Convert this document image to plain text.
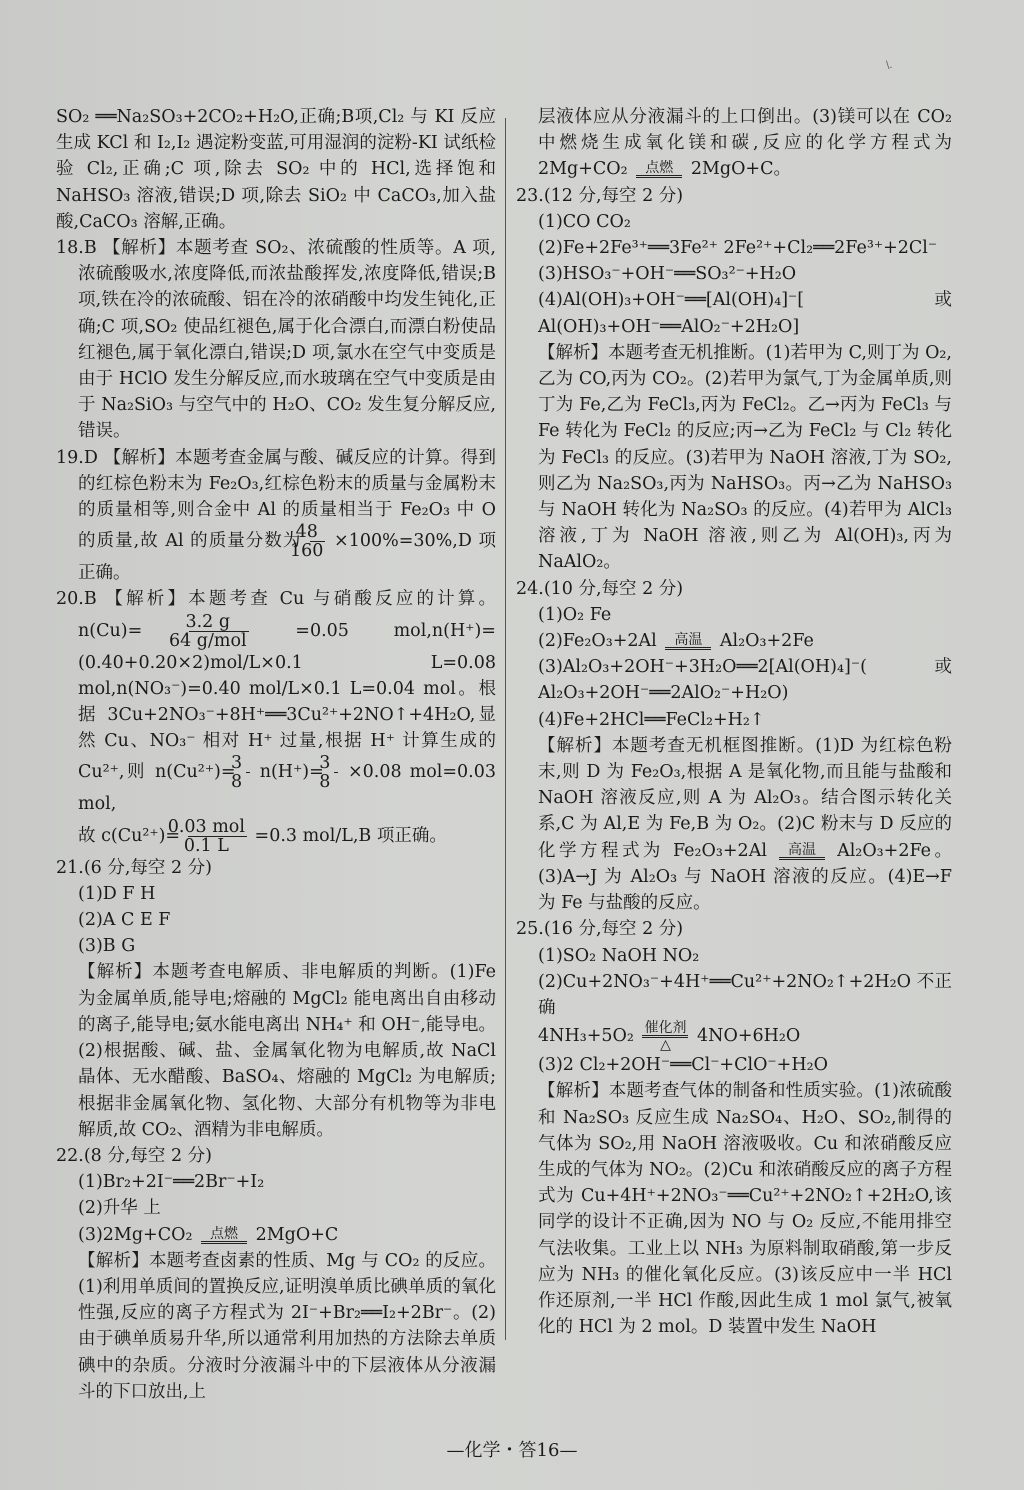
\.

SO₂ ══Na₂SO₃+2CO₂+H₂O,正确;B项,Cl₂ 与 KI 反应生成 KCl 和 I₂,I₂ 遇淀粉变蓝,可用湿润的淀粉-KI 试纸检验 Cl₂,正确;C 项,除去 SO₂ 中的 HCl,选择饱和 NaHSO₃ 溶液,错误;D 项,除去 SiO₂ 中 CaCO₃,加入盐酸,CaCO₃ 溶解,正确。

18.B 【解析】本题考查 SO₂、浓硫酸的性质等。A 项,浓硫酸吸水,浓度降低,而浓盐酸挥发,浓度降低,错误;B 项,铁在冷的浓硫酸、铝在冷的浓硝酸中均发生钝化,正确;C 项,SO₂ 使品红褪色,属于化合漂白,而漂白粉使品红褪色,属于氧化漂白,错误;D 项,氯水在空气中变质是由于 HClO 发生分解反应,而水玻璃在空气中变质是由于 Na₂SiO₃ 与空气中的 H₂O、CO₂ 发生复分解反应,错误。

19.D 【解析】本题考查金属与酸、碱反应的计算。得到的红棕色粉末为 Fe₂O₃,红棕色粉末的质量与金属粉末的质量相等,则合金中 Al 的质量相当于 Fe₂O₃ 中 O 的质量,故 Al 的质量分数为 $\frac{48}{160} \times 100\%=30\%,D$ 项正确。

20.B 【解析】本题考查 Cu 与硝酸反应的计算。n(Cu)=	$\frac{3.2 g}{\text{64 g/mol}}$	=0.05 mol,n(H⁺)=(0.40+0.20×2)mol/L×0.1 L=0.08 mol,n(NO₃⁻)=0.40 mol/L×0.1 L=0.04 mol。根据 3Cu+2NO₃⁻+8H⁺══3Cu²⁺+2NO↑+4H₂O,显然 Cu、NO₃⁻ 相对 H⁺ 过量,根据 H⁺ 计算生成的 Cu²⁺,则 $n(Cu^{2+})= \frac{3}{8} n(H^+)= \frac{3}{8} \times 0.08$ mol=0.03 mol,
故 $c(Cu^{2+})= \frac{\text{0.03 mol}}{0.1 L} =0.3$ mol/L,B 项正确。

21.(6 分,每空 2 分)

(1)D F H

(2)A C E F

(3)B G

【解析】本题考查电解质、非电解质的判断。(1)Fe 为金属单质,能导电;熔融的 MgCl₂ 能电离出自由移动的离子,能导电;氨水能电离出 NH₄⁺ 和 OH⁻,能导电。(2)根据酸、碱、盐、金属氧化物为电解质,故 NaCl 晶体、无水醋酸、BaSO₄、熔融的 MgCl₂ 为电解质;根据非金属氧化物、氢化物、大部分有机物等为非电解质,故 CO₂、酒精为非电解质。

22.(8 分,每空 2 分)

(1)Br₂+2I⁻══2Br⁻+I₂

(2)升华 上

(3)2Mg+CO₂	点燃	2MgO+C

【解析】本题考查卤素的性质、Mg 与 CO₂ 的反应。(1)利用单质间的置换反应,证明溴单质比碘单质的氧化性强,反应的离子方程式为 2I⁻+Br₂══I₂+2Br⁻。(2)由于碘单质易升华,所以通常利用加热的方法除去单质碘中的杂质。分液时分液漏斗中的下层液体从分液漏斗的下口放出,上

层液体应从分液漏斗的上口倒出。(3)镁可以在 CO₂ 中燃烧生成氧化镁和碳,反应的化学方程式为 2Mg+CO₂	点燃	2MgO+C。

23.(12 分,每空 2 分)

(1)CO CO₂

(2)Fe+2Fe³⁺══3Fe²⁺ 2Fe²⁺+Cl₂══2Fe³⁺+2Cl⁻

(3)HSO₃⁻+OH⁻══SO₃²⁻+H₂O

(4)Al(OH)₃+OH⁻══[Al(OH)₄]⁻[或 Al(OH)₃+OH⁻══AlO₂⁻+2H₂O]

【解析】本题考查无机推断。(1)若甲为 C,则丁为 O₂,乙为 CO,丙为 CO₂。(2)若甲为氯气,丁为金属单质,则丁为 Fe,乙为 FeCl₃,丙为 FeCl₂。乙→丙为 FeCl₃ 与 Fe 转化为 FeCl₂ 的反应;丙→乙为 FeCl₂ 与 Cl₂ 转化为 FeCl₃ 的反应。(3)若甲为 NaOH 溶液,丁为 SO₂,则乙为 Na₂SO₃,丙为 NaHSO₃。丙→乙为 NaHSO₃ 与 NaOH 转化为 Na₂SO₃ 的反应。(4)若甲为 AlCl₃ 溶液,丁为 NaOH 溶液,则乙为 Al(OH)₃,丙为 NaAlO₂。

24.(10 分,每空 2 分)

(1)O₂ Fe

(2)Fe₂O₃+2Al	高温	Al₂O₃+2Fe

(3)Al₂O₃+2OH⁻+3H₂O══2[Al(OH)₄]⁻(或 Al₂O₃+2OH⁻══2AlO₂⁻+H₂O)

(4)Fe+2HCl══FeCl₂+H₂↑

【解析】本题考查无机框图推断。(1)D 为红棕色粉末,则 D 为 Fe₂O₃,根据 A 是氧化物,而且能与盐酸和 NaOH 溶液反应,则 A 为 Al₂O₃。结合图示转化关系,C 为 Al,E 为 Fe,B 为 O₂。(2)C 粉末与 D 反应的化学方程式为 Fe₂O₃+2Al	高温	Al₂O₃+2Fe。(3)A→J 为 Al₂O₃ 与 NaOH 溶液的反应。(4)E→F 为 Fe 与盐酸的反应。

25.(16 分,每空 2 分)

(1)SO₂ NaOH NO₂

(2)Cu+2NO₃⁻+4H⁺══Cu²⁺+2NO₂↑+2H₂O 不正确

4NH₃+5O₂ 催化剂
△	4NO+6H₂O

(3)2 Cl₂+2OH⁻══Cl⁻+ClO⁻+H₂O

【解析】本题考查气体的制备和性质实验。(1)浓硫酸和 Na₂SO₃ 反应生成 Na₂SO₄、H₂O、SO₂,制得的气体为 SO₂,用 NaOH 溶液吸收。Cu 和浓硝酸反应生成的气体为 NO₂。(2)Cu 和浓硝酸反应的离子方程式为 Cu+4H⁺+2NO₃⁻══Cu²⁺+2NO₂↑+2H₂O,该同学的设计不正确,因为 NO 与 O₂ 反应,不能用排空气法收集。工业上以 NH₃ 为原料制取硝酸,第一步反应为 NH₃ 的催化氧化反应。(3)该反应中一半 HCl 作还原剂,一半 HCl 作酸,因此生成 1 mol 氯气,被氧化的 HCl 为 2 mol。D 装置中发生 NaOH

—化学・答16—
